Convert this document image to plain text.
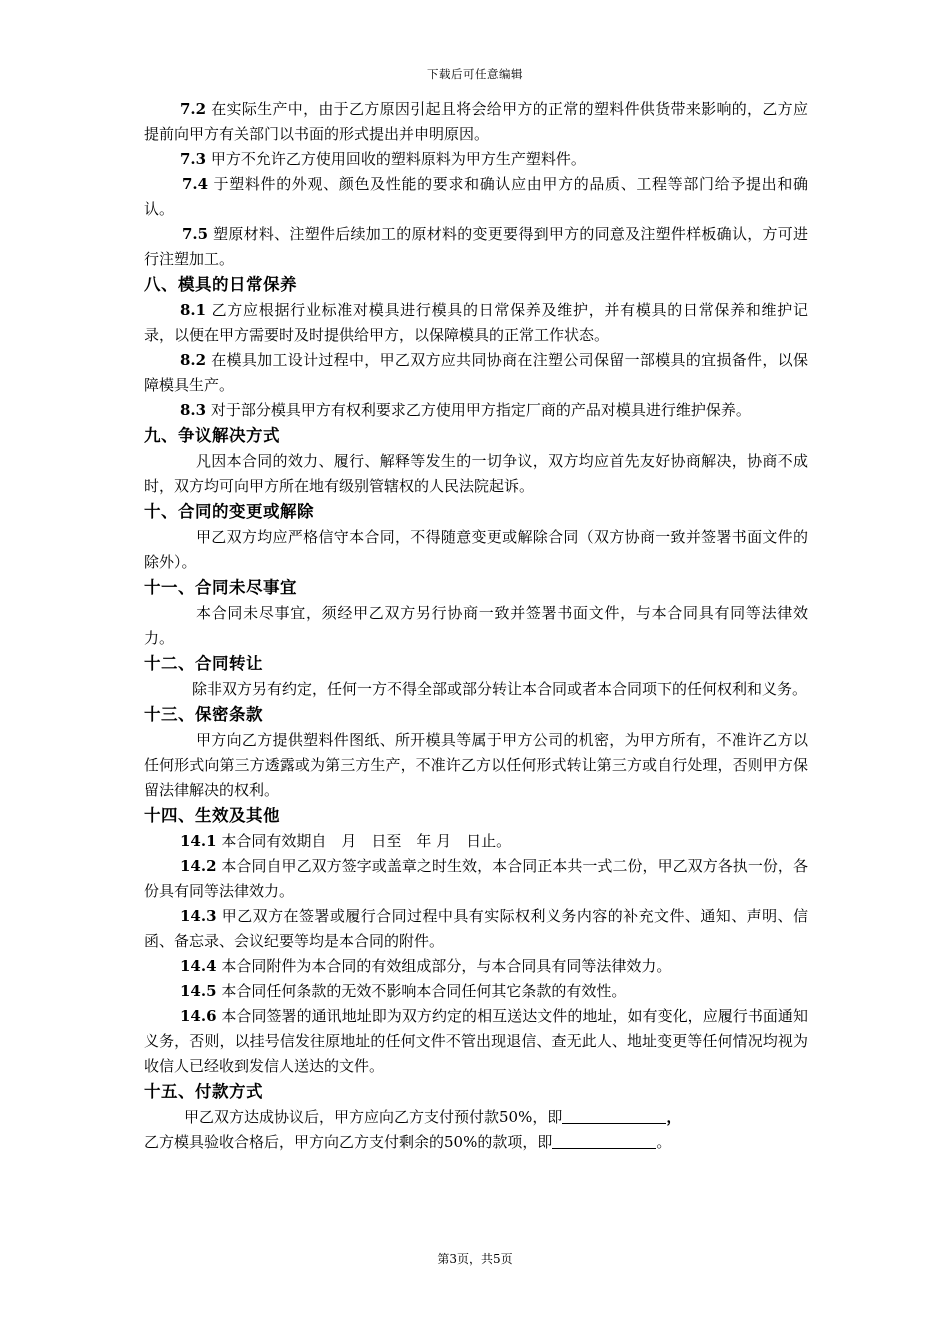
下载后可任意编辑

7.2 在实际生产中，由于乙方原因引起且将会给甲方的正常的塑料件供货带来影响的，乙方应提前向甲方有关部门以书面的形式提出并申明原因。

7.3 甲方不允许乙方使用回收的塑料原料为甲方生产塑料件。

7.4 于塑料件的外观、颜色及性能的要求和确认应由甲方的品质、工程等部门给予提出和确认。

7.5 塑原材料、注塑件后续加工的原材料的变更要得到甲方的同意及注塑件样板确认，方可进行注塑加工。

八、模具的日常保养

8.1 乙方应根据行业标准对模具进行模具的日常保养及维护，并有模具的日常保养和维护记录，以便在甲方需要时及时提供给甲方，以保障模具的正常工作状态。

8.2 在模具加工设计过程中，甲乙双方应共同协商在注塑公司保留一部模具的宜损备件，以保障模具生产。

8.3 对于部分模具甲方有权利要求乙方使用甲方指定厂商的产品对模具进行维护保养。

九、争议解决方式

凡因本合同的效力、履行、解释等发生的一切争议，双方均应首先友好协商解决，协商不成时，双方均可向甲方所在地有级别管辖权的人民法院起诉。

十、合同的变更或解除

甲乙双方均应严格信守本合同，不得随意变更或解除合同（双方协商一致并签署书面文件的除外）。

十一、合同未尽事宜

本合同未尽事宜，须经甲乙双方另行协商一致并签署书面文件，与本合同具有同等法律效力。

十二、合同转让

除非双方另有约定，任何一方不得全部或部分转让本合同或者本合同项下的任何权利和义务。

十三、保密条款

甲方向乙方提供塑料件图纸、所开模具等属于甲方公司的机密，为甲方所有，不准许乙方以任何形式向第三方透露或为第三方生产，不准许乙方以任何形式转让第三方或自行处理，否则甲方保留法律解决的权利。

十四、生效及其他

14.1 本合同有效期自　月　日至　年 月　日止。

14.2 本合同自甲乙双方签字或盖章之时生效，本合同正本共一式二份，甲乙双方各执一份，各份具有同等法律效力。

14.3 甲乙双方在签署或履行合同过程中具有实际权利义务内容的补充文件、通知、声明、信函、备忘录、会议纪要等均是本合同的附件。

14.4 本合同附件为本合同的有效组成部分，与本合同具有同等法律效力。

14.5 本合同任何条款的无效不影响本合同任何其它条款的有效性。

14.6 本合同签署的通讯地址即为双方约定的相互送达文件的地址，如有变化，应履行书面通知义务，否则，以挂号信发往原地址的任何文件不管出现退信、查无此人、地址变更等任何情况均视为收信人已经收到发信人送达的文件。

十五、付款方式

甲乙双方达成协议后，甲方应向乙方支付预付款50%，即	，

乙方模具验收合格后，甲方向乙方支付剩余的50%的款项，即	。

第3页，共5页
